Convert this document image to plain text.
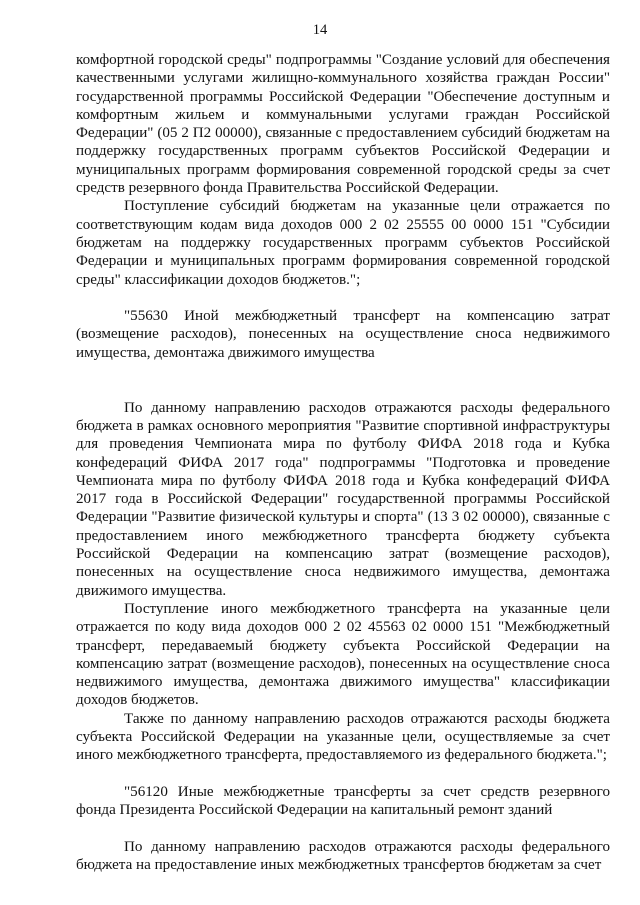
14

комфортной городской среды" подпрограммы "Создание условий для обеспечения качественными услугами жилищно-коммунального хозяйства граждан России" государственной программы Российской Федерации "Обеспечение доступным и комфортным жильем и коммунальными услугами граждан Российской Федерации" (05 2 П2 00000), связанные с предоставлением субсидий бюджетам на поддержку государственных программ субъектов Российской Федерации и муниципальных программ формирования современной городской среды за счет средств резервного фонда Правительства Российской Федерации.

Поступление субсидий бюджетам на указанные цели отражается по соответствующим кодам вида доходов 000 2 02 25555 00 0000 151 "Субсидии бюджетам на поддержку государственных программ субъектов Российской Федерации и муниципальных программ формирования современной городской среды" классификации доходов бюджетов.";

"55630 Иной межбюджетный трансферт на компенсацию затрат (возмещение расходов), понесенных на осуществление сноса недвижимого имущества, демонтажа движимого имущества

По данному направлению расходов отражаются расходы федерального бюджета в рамках основного мероприятия "Развитие спортивной инфраструктуры для проведения Чемпионата мира по футболу ФИФА 2018 года и Кубка конфедераций ФИФА 2017 года" подпрограммы "Подготовка и проведение Чемпионата мира по футболу ФИФА 2018 года и Кубка конфедераций ФИФА 2017 года в Российской Федерации" государственной программы Российской Федерации "Развитие физической культуры и спорта" (13 3 02 00000), связанные с предоставлением иного межбюджетного трансферта бюджету субъекта Российской Федерации на компенсацию затрат (возмещение расходов), понесенных на осуществление сноса недвижимого имущества, демонтажа движимого имущества.

Поступление иного межбюджетного трансферта на указанные цели отражается по коду вида доходов 000 2 02 45563 02 0000 151 "Межбюджетный трансферт, передаваемый бюджету субъекта Российской Федерации на компенсацию затрат (возмещение расходов), понесенных на осуществление сноса недвижимого имущества, демонтажа движимого имущества" классификации доходов бюджетов.

Также по данному направлению расходов отражаются расходы бюджета субъекта Российской Федерации на указанные цели, осуществляемые за счет иного межбюджетного трансферта, предоставляемого из федерального бюджета.";

"56120 Иные межбюджетные трансферты за счет средств резервного фонда Президента Российской Федерации на капитальный ремонт зданий

По данному направлению расходов отражаются расходы федерального бюджета на предоставление иных межбюджетных трансфертов бюджетам за счет
